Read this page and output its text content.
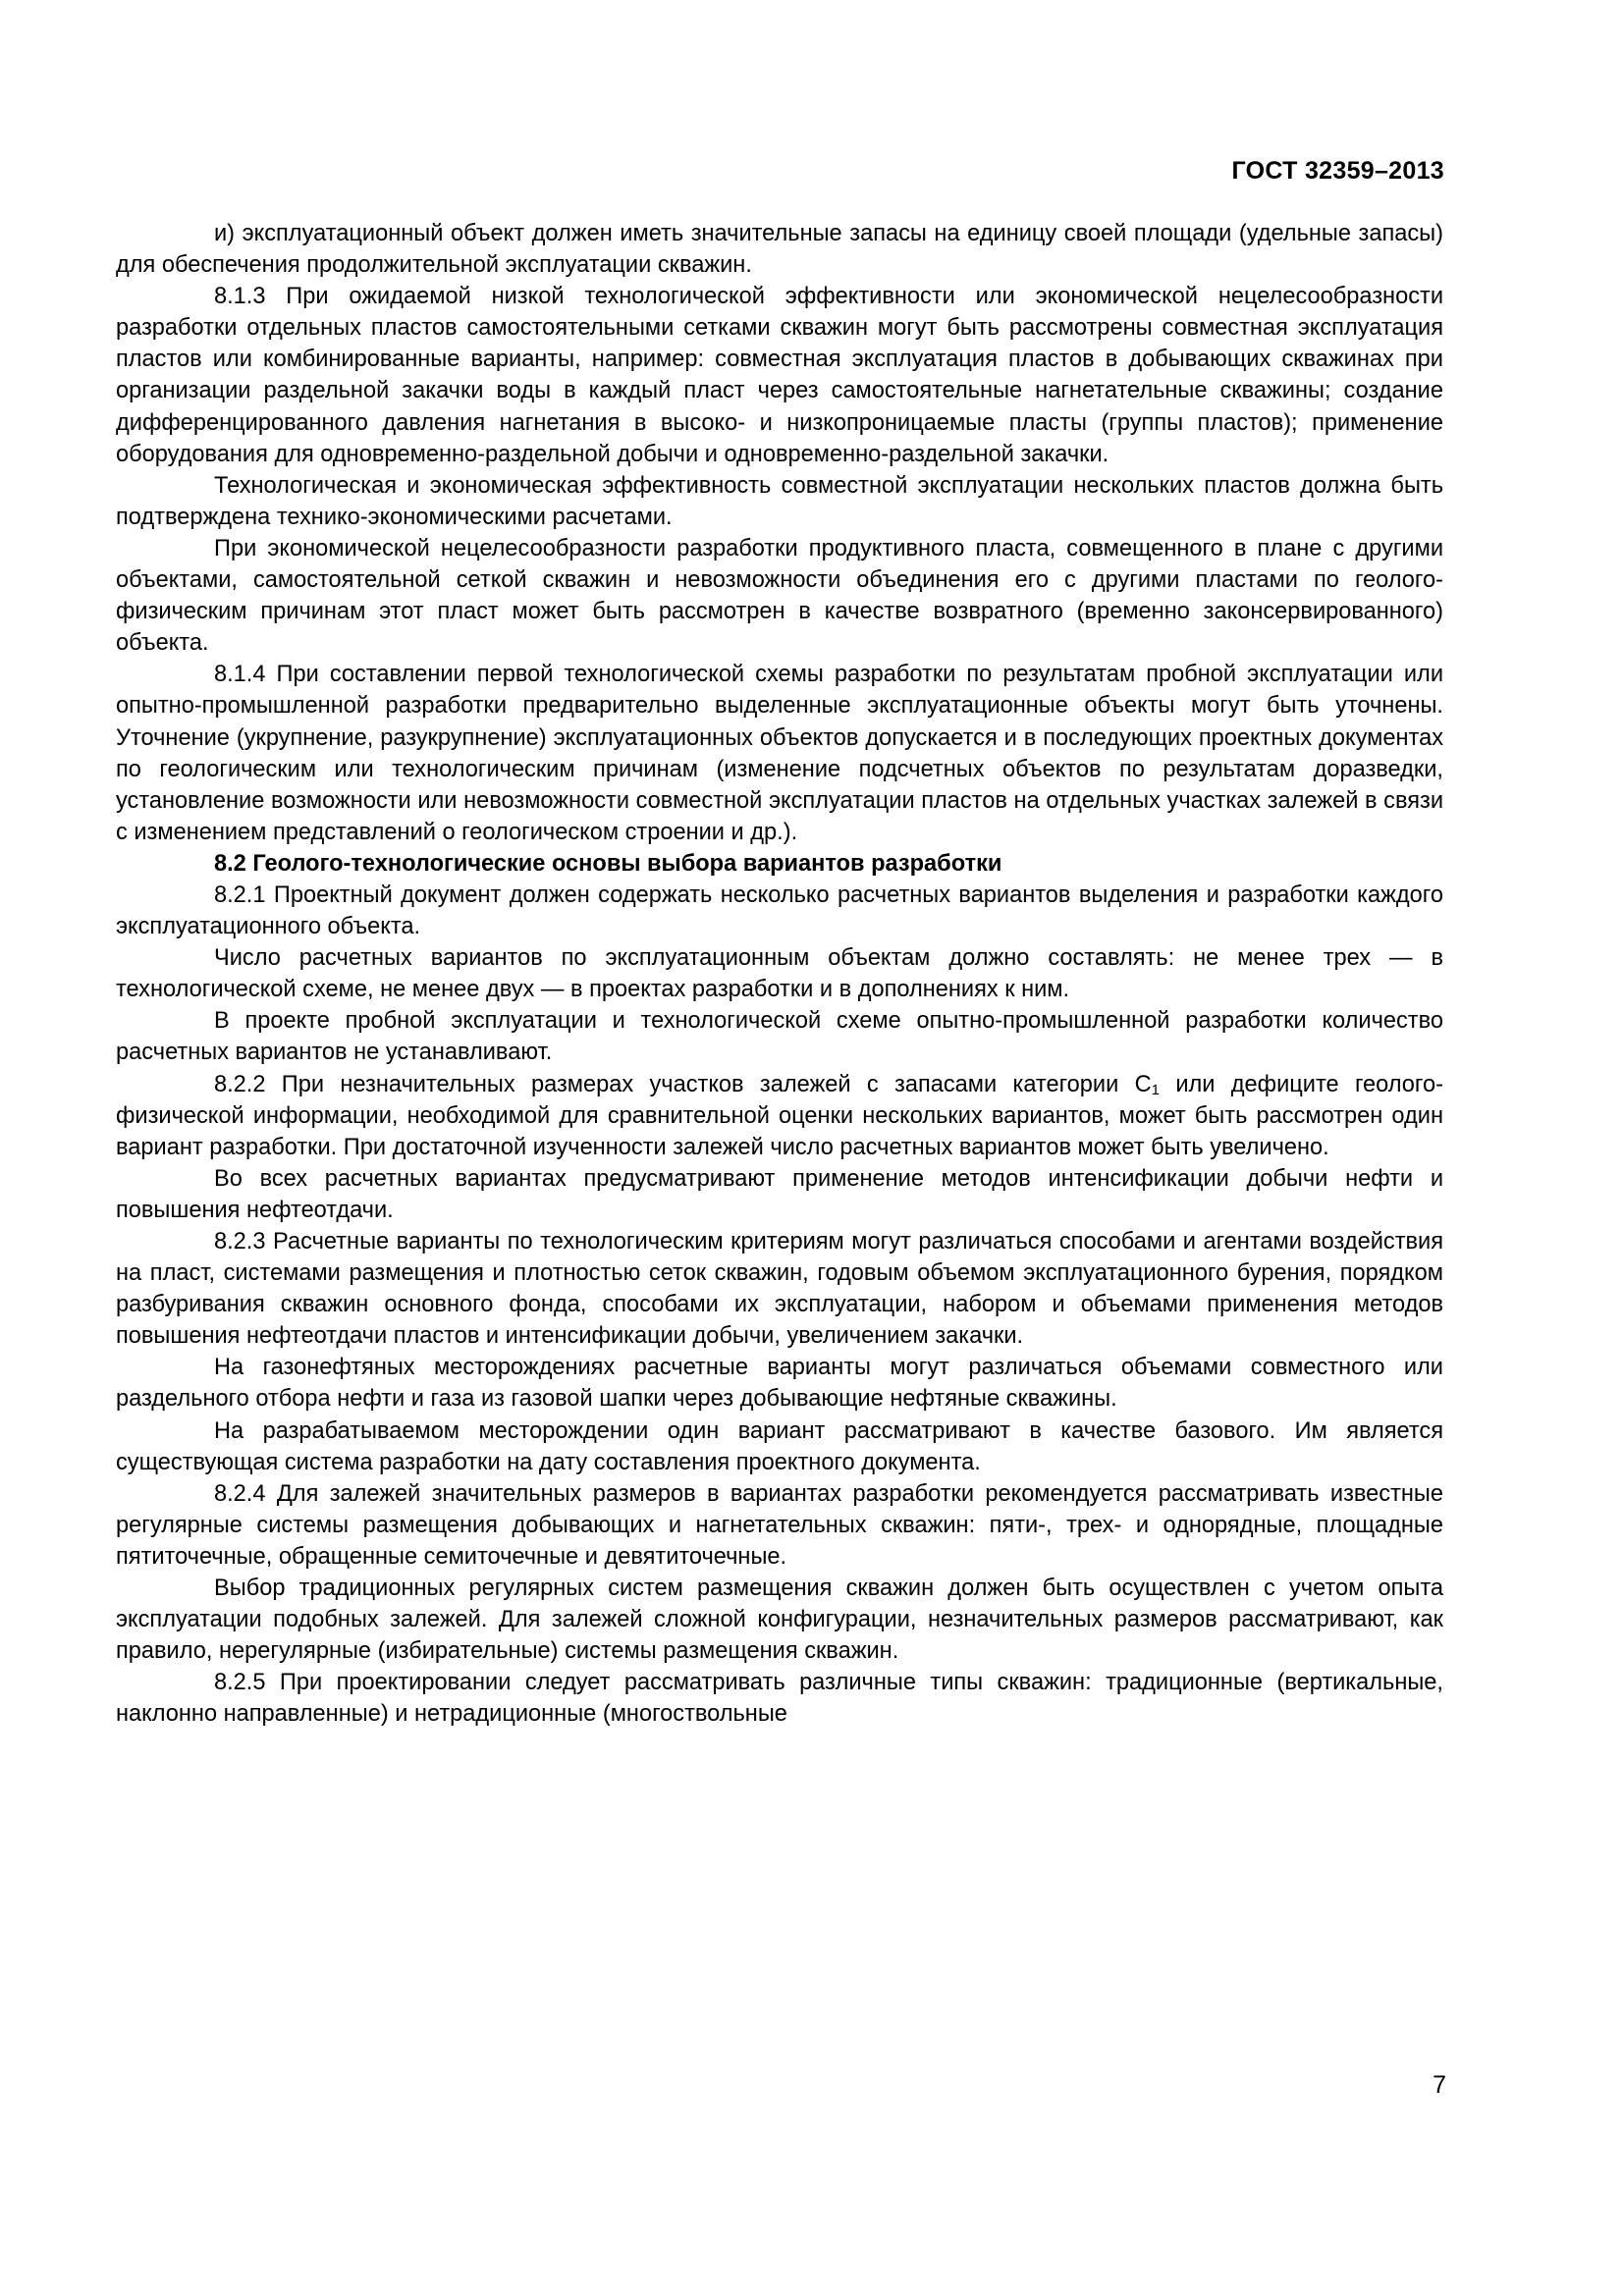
ГОСТ 32359–2013

и) эксплуатационный объект должен иметь значительные запасы на единицу своей площади (удельные запасы) для обеспечения продолжительной эксплуатации скважин.

8.1.3 При ожидаемой низкой технологической эффективности или экономической нецелесообразности разработки отдельных пластов самостоятельными сетками скважин могут быть рассмотрены совместная эксплуатация пластов или комбинированные варианты, например: совместная эксплуатация пластов в добывающих скважинах при организации раздельной закачки воды в каждый пласт через самостоятельные нагнетательные скважины; создание дифференцированного давления нагнетания в высоко- и низкопроницаемые пласты (группы пластов); применение оборудования для одновременно-раздельной добычи и одновременно-раздельной закачки.

Технологическая и экономическая эффективность совместной эксплуатации нескольких пластов должна быть подтверждена технико-экономическими расчетами.

При экономической нецелесообразности разработки продуктивного пласта, совмещенного в плане с другими объектами, самостоятельной сеткой скважин и невозможности объединения его с другими пластами по геолого-физическим причинам этот пласт может быть рассмотрен в качестве возвратного (временно законсервированного) объекта.

8.1.4 При составлении первой технологической схемы разработки по результатам пробной эксплуатации или опытно-промышленной разработки предварительно выделенные эксплуатационные объекты могут быть уточнены. Уточнение (укрупнение, разукрупнение) эксплуатационных объектов допускается и в последующих проектных документах по геологическим или технологическим причинам (изменение подсчетных объектов по результатам доразведки, установление возможности или невозможности совместной эксплуатации пластов на отдельных участках залежей в связи с изменением представлений о геологическом строении и др.).

8.2 Геолого-технологические основы выбора вариантов разработки

8.2.1 Проектный документ должен содержать несколько расчетных вариантов выделения и разработки каждого эксплуатационного объекта.

Число расчетных вариантов по эксплуатационным объектам должно составлять: не менее трех — в технологической схеме, не менее двух — в проектах разработки и в дополнениях к ним.

В проекте пробной эксплуатации и технологической схеме опытно-промышленной разработки количество расчетных вариантов не устанавливают.

8.2.2 При незначительных размерах участков залежей с запасами категории $C_1$ или дефиците геолого-физической информации, необходимой для сравнительной оценки нескольких вариантов, может быть рассмотрен один вариант разработки. При достаточной изученности залежей число расчетных вариантов может быть увеличено.

Во всех расчетных вариантах предусматривают применение методов интенсификации добычи нефти и повышения нефтеотдачи.

8.2.3 Расчетные варианты по технологическим критериям могут различаться способами и агентами воздействия на пласт, системами размещения и плотностью сеток скважин, годовым объемом эксплуатационного бурения, порядком разбуривания скважин основного фонда, способами их эксплуатации, набором и объемами применения методов повышения нефтеотдачи пластов и интенсификации добычи, увеличением закачки.

На газонефтяных месторождениях расчетные варианты могут различаться объемами совместного или раздельного отбора нефти и газа из газовой шапки через добывающие нефтяные скважины.

На разрабатываемом месторождении один вариант рассматривают в качестве базового. Им является существующая система разработки на дату составления проектного документа.

8.2.4 Для залежей значительных размеров в вариантах разработки рекомендуется рассматривать известные регулярные системы размещения добывающих и нагнетательных скважин: пяти-, трех- и однорядные, площадные пятиточечные, обращенные семиточечные и девятиточечные.

Выбор традиционных регулярных систем размещения скважин должен быть осуществлен с учетом опыта эксплуатации подобных залежей. Для залежей сложной конфигурации, незначительных размеров рассматривают, как правило, нерегулярные (избирательные) системы размещения скважин.

8.2.5 При проектировании следует рассматривать различные типы скважин: традиционные (вертикальные, наклонно направленные) и нетрадиционные (многоствольные

7
